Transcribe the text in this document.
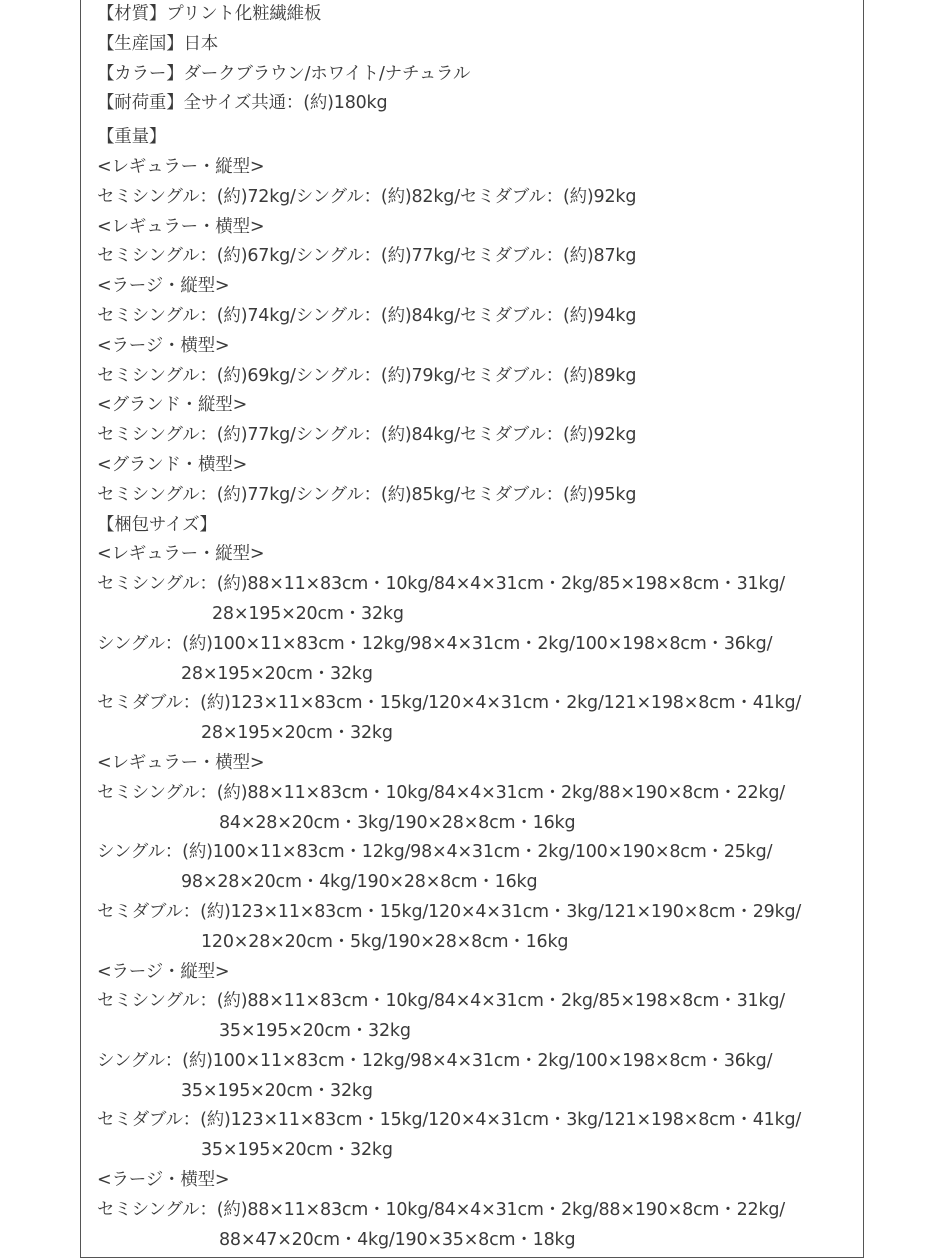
【材質】プリント化粧繊維板
【生産国】日本
【カラー】ダークブラウン/ホワイト/ナチュラル
【耐荷重】全サイズ共通：(約)180kg
【重量】
<レギュラー・縦型>
セミシングル：(約)72kg/シングル：(約)82kg/セミダブル：(約)92kg
<レギュラー・横型>
セミシングル：(約)67kg/シングル：(約)77kg/セミダブル：(約)87kg
<ラージ・縦型>
セミシングル：(約)74kg/シングル：(約)84kg/セミダブル：(約)94kg
<ラージ・横型>
セミシングル：(約)69kg/シングル：(約)79kg/セミダブル：(約)89kg
<グランド・縦型>
セミシングル：(約)77kg/シングル：(約)84kg/セミダブル：(約)92kg
<グランド・横型>
セミシングル：(約)77kg/シングル：(約)85kg/セミダブル：(約)95kg
【梱包サイズ】
<レギュラー・縦型>
セミシングル：(約)88×11×83cm・10kg/84×4×31cm・2kg/85×198×8cm・31kg/
28×195×20cm・32kg
シングル：(約)100×11×83cm・12kg/98×4×31cm・2kg/100×198×8cm・36kg/
28×195×20cm・32kg
セミダブル：(約)123×11×83cm・15kg/120×4×31cm・2kg/121×198×8cm・41kg/
28×195×20cm・32kg
<レギュラー・横型>
セミシングル：(約)88×11×83cm・10kg/84×4×31cm・2kg/88×190×8cm・22kg/
84×28×20cm・3kg/190×28×8cm・16kg
シングル：(約)100×11×83cm・12kg/98×4×31cm・2kg/100×190×8cm・25kg/
98×28×20cm・4kg/190×28×8cm・16kg
セミダブル：(約)123×11×83cm・15kg/120×4×31cm・3kg/121×190×8cm・29kg/
120×28×20cm・5kg/190×28×8cm・16kg
<ラージ・縦型>
セミシングル：(約)88×11×83cm・10kg/84×4×31cm・2kg/85×198×8cm・31kg/
35×195×20cm・32kg
シングル：(約)100×11×83cm・12kg/98×4×31cm・2kg/100×198×8cm・36kg/
35×195×20cm・32kg
セミダブル：(約)123×11×83cm・15kg/120×4×31cm・3kg/121×198×8cm・41kg/
35×195×20cm・32kg
<ラージ・横型>
セミシングル：(約)88×11×83cm・10kg/84×4×31cm・2kg/88×190×8cm・22kg/
88×47×20cm・4kg/190×35×8cm・18kg
